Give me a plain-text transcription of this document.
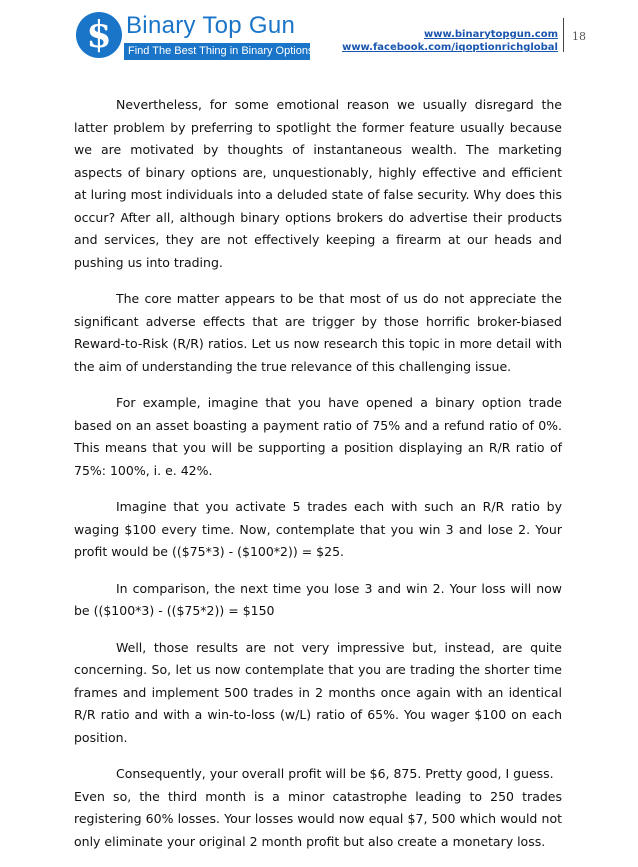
$ Binary Top Gun
Find The Best Thing in Binary Options
www.binarytopgun.com
www.facebook.com/iqoptionrichglobal
18

Nevertheless, for some emotional reason we usually disregard the latter problem by preferring to spotlight the former feature usually because we are motivated by thoughts of instantaneous wealth. The marketing aspects of binary options are, unquestionably, highly effective and efficient at luring most individuals into a deluded state of false security. Why does this occur? After all, although binary options brokers do advertise their products and services, they are not effectively keeping a firearm at our heads and pushing us into trading.

The core matter appears to be that most of us do not appreciate the significant adverse effects that are trigger by those horrific broker-biased Reward-to-Risk (R/R) ratios. Let us now research this topic in more detail with the aim of understanding the true relevance of this challenging issue.

For example, imagine that you have opened a binary option trade based on an asset boasting a payment ratio of 75% and a refund ratio of 0%. This means that you will be supporting a position displaying an R/R ratio of 75%: 100%, i. e. 42%.

Imagine that you activate 5 trades each with such an R/R ratio by waging $100 every time. Now, contemplate that you win 3 and lose 2. Your profit would be (($75*3) - ($100*2)) = $25.

In comparison, the next time you lose 3 and win 2. Your loss will now be (($100*3) - (($75*2)) = $150

Well, those results are not very impressive but, instead, are quite concerning. So, let us now contemplate that you are trading the shorter time frames and implement 500 trades in 2 months once again with an identical R/R ratio and with a win-to-loss (w/L) ratio of 65%. You wager $100 on each position.

Consequently, your overall profit will be $6, 875. Pretty good, I guess.

Even so, the third month is a minor catastrophe leading to 250 trades registering 60% losses. Your losses would now equal $7, 500 which would not only eliminate your original 2 month profit but also create a monetary loss.
